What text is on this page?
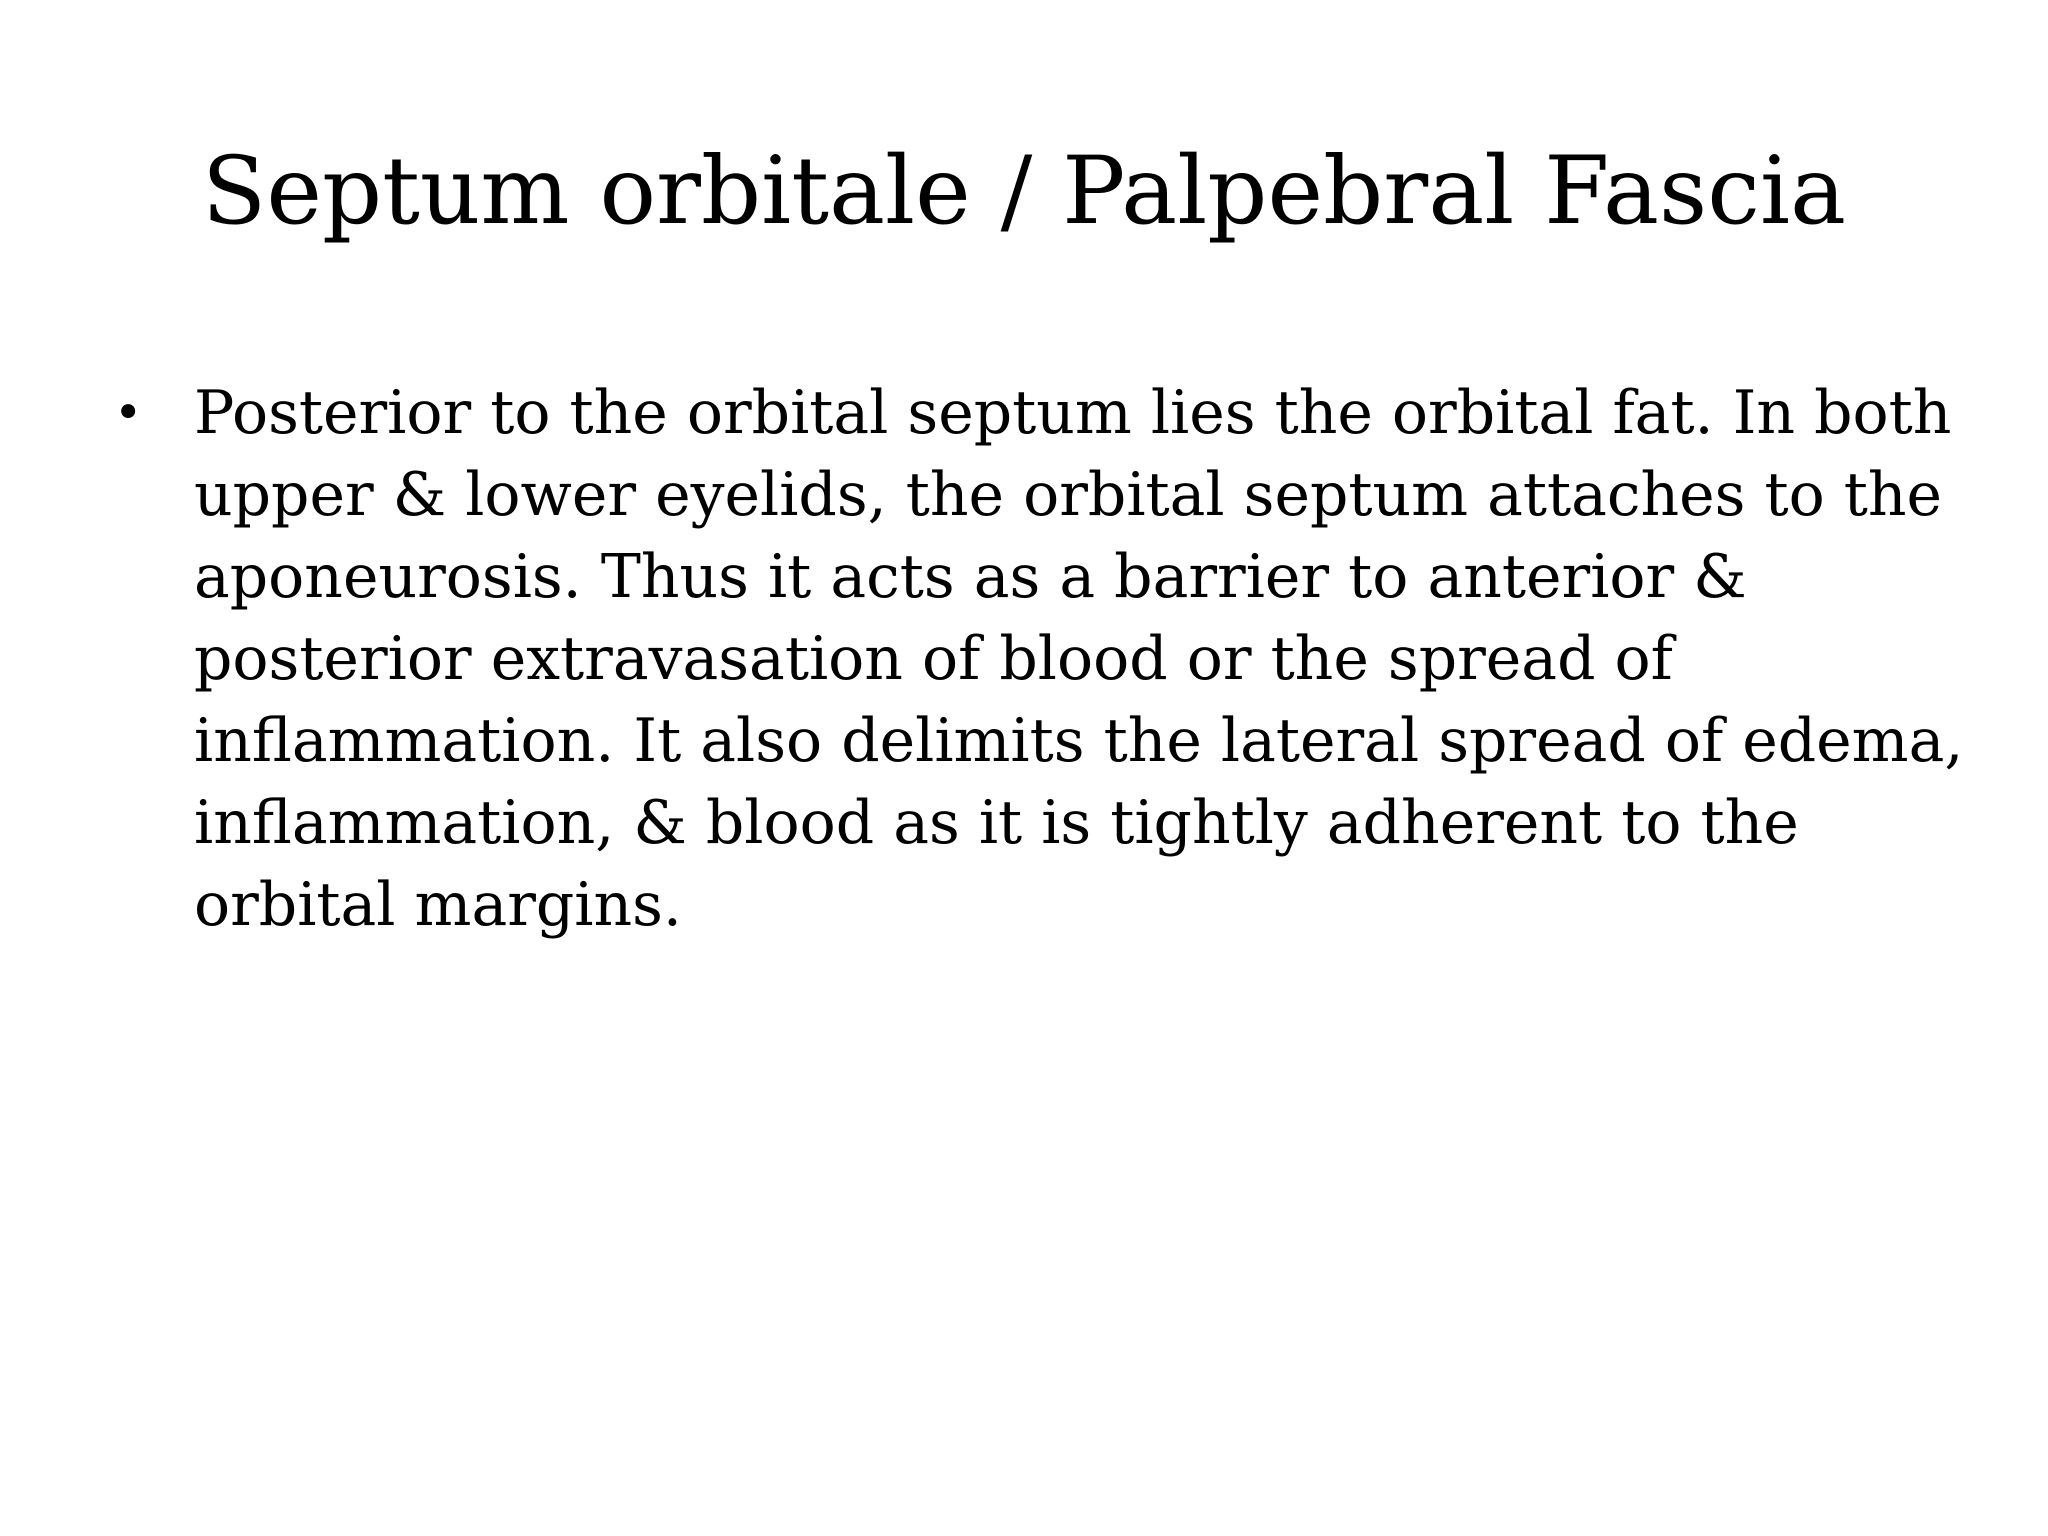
Septum orbitale / Palpebral Fascia
• Posterior to the orbital septum lies the orbital fat. In both
upper & lower eyelids, the orbital septum attaches to the
aponeurosis. Thus it acts as a barrier to anterior &
posterior extravasation of blood or the spread of
inflammation. It also delimits the lateral spread of edema,
inflammation, & blood as it is tightly adherent to the
orbital margins.
